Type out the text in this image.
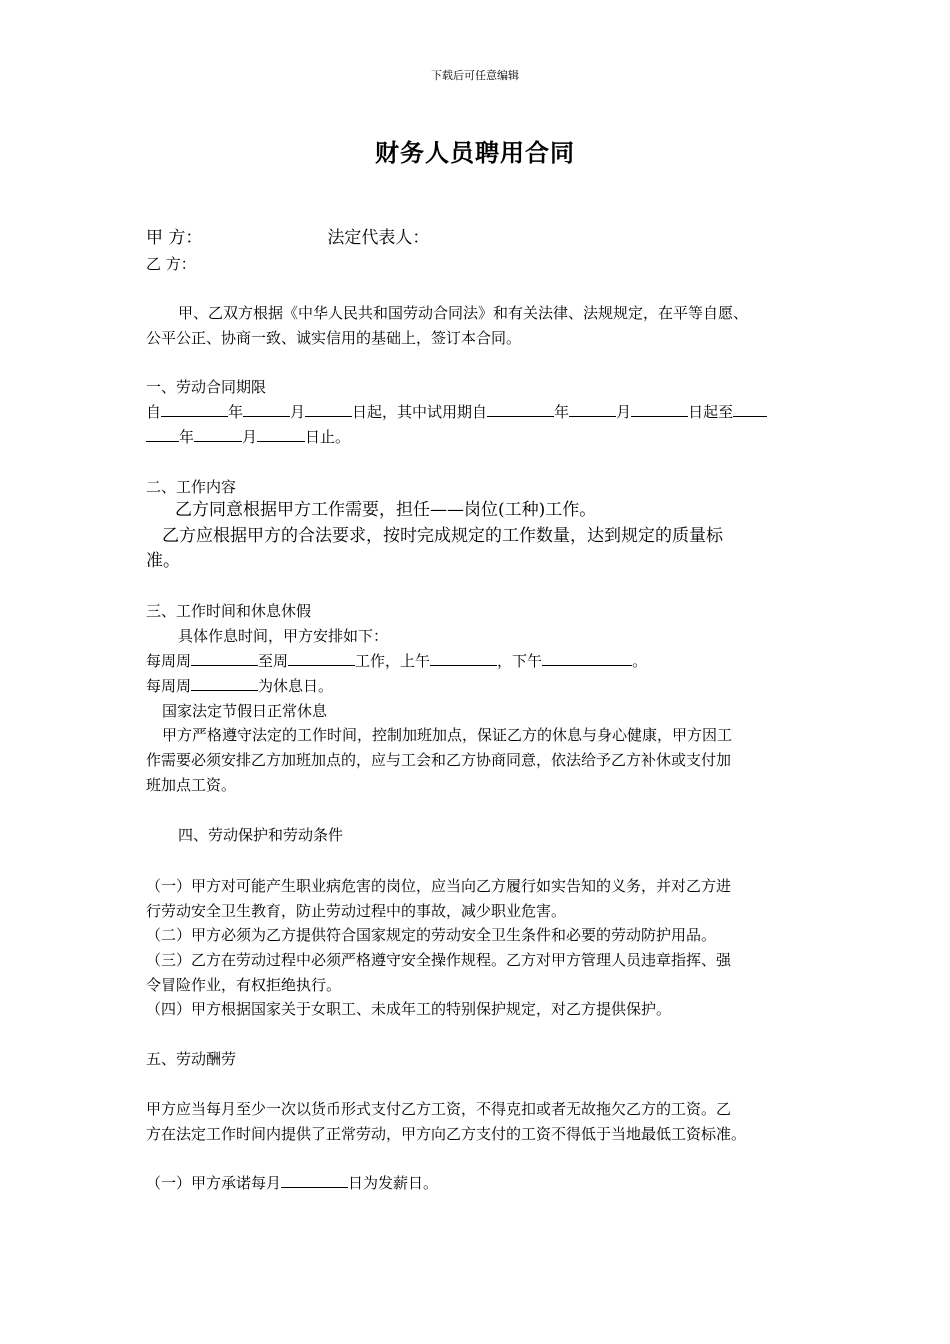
下载后可任意编辑
财务人员聘用合同
甲 方：	法定代表人：
乙 方：
甲、乙双方根据《中华人民共和国劳动合同法》和有关法律、法规规定，在平等自愿、
公平公正、协商一致、诚实信用的基础上，签订本合同。
一、劳动合同期限
自	年	月	日起，其中试用期自	年	月	日起至
年	月	日止。
二、工作内容
乙方同意根据甲方工作需要，担任——岗位(工种)工作。
乙方应根据甲方的合法要求，按时完成规定的工作数量，达到规定的质量标
准。
三、工作时间和休息休假
具体作息时间，甲方安排如下：
每周周	至周	工作，上午	，下午	。
每周周	为休息日。
国家法定节假日正常休息
甲方严格遵守法定的工作时间，控制加班加点，保证乙方的休息与身心健康，甲方因工
作需要必须安排乙方加班加点的，应与工会和乙方协商同意，依法给予乙方补休或支付加
班加点工资。
四、劳动保护和劳动条件
（一）甲方对可能产生职业病危害的岗位，应当向乙方履行如实告知的义务，并对乙方进
行劳动安全卫生教育，防止劳动过程中的事故，减少职业危害。
（二）甲方必须为乙方提供符合国家规定的劳动安全卫生条件和必要的劳动防护用品。
（三）乙方在劳动过程中必须严格遵守安全操作规程。乙方对甲方管理人员违章指挥、强
令冒险作业，有权拒绝执行。
（四）甲方根据国家关于女职工、未成年工的特别保护规定，对乙方提供保护。
五、劳动酬劳
甲方应当每月至少一次以货币形式支付乙方工资，不得克扣或者无故拖欠乙方的工资。乙
方在法定工作时间内提供了正常劳动，甲方向乙方支付的工资不得低于当地最低工资标准。
（一）甲方承诺每月	日为发薪日。
